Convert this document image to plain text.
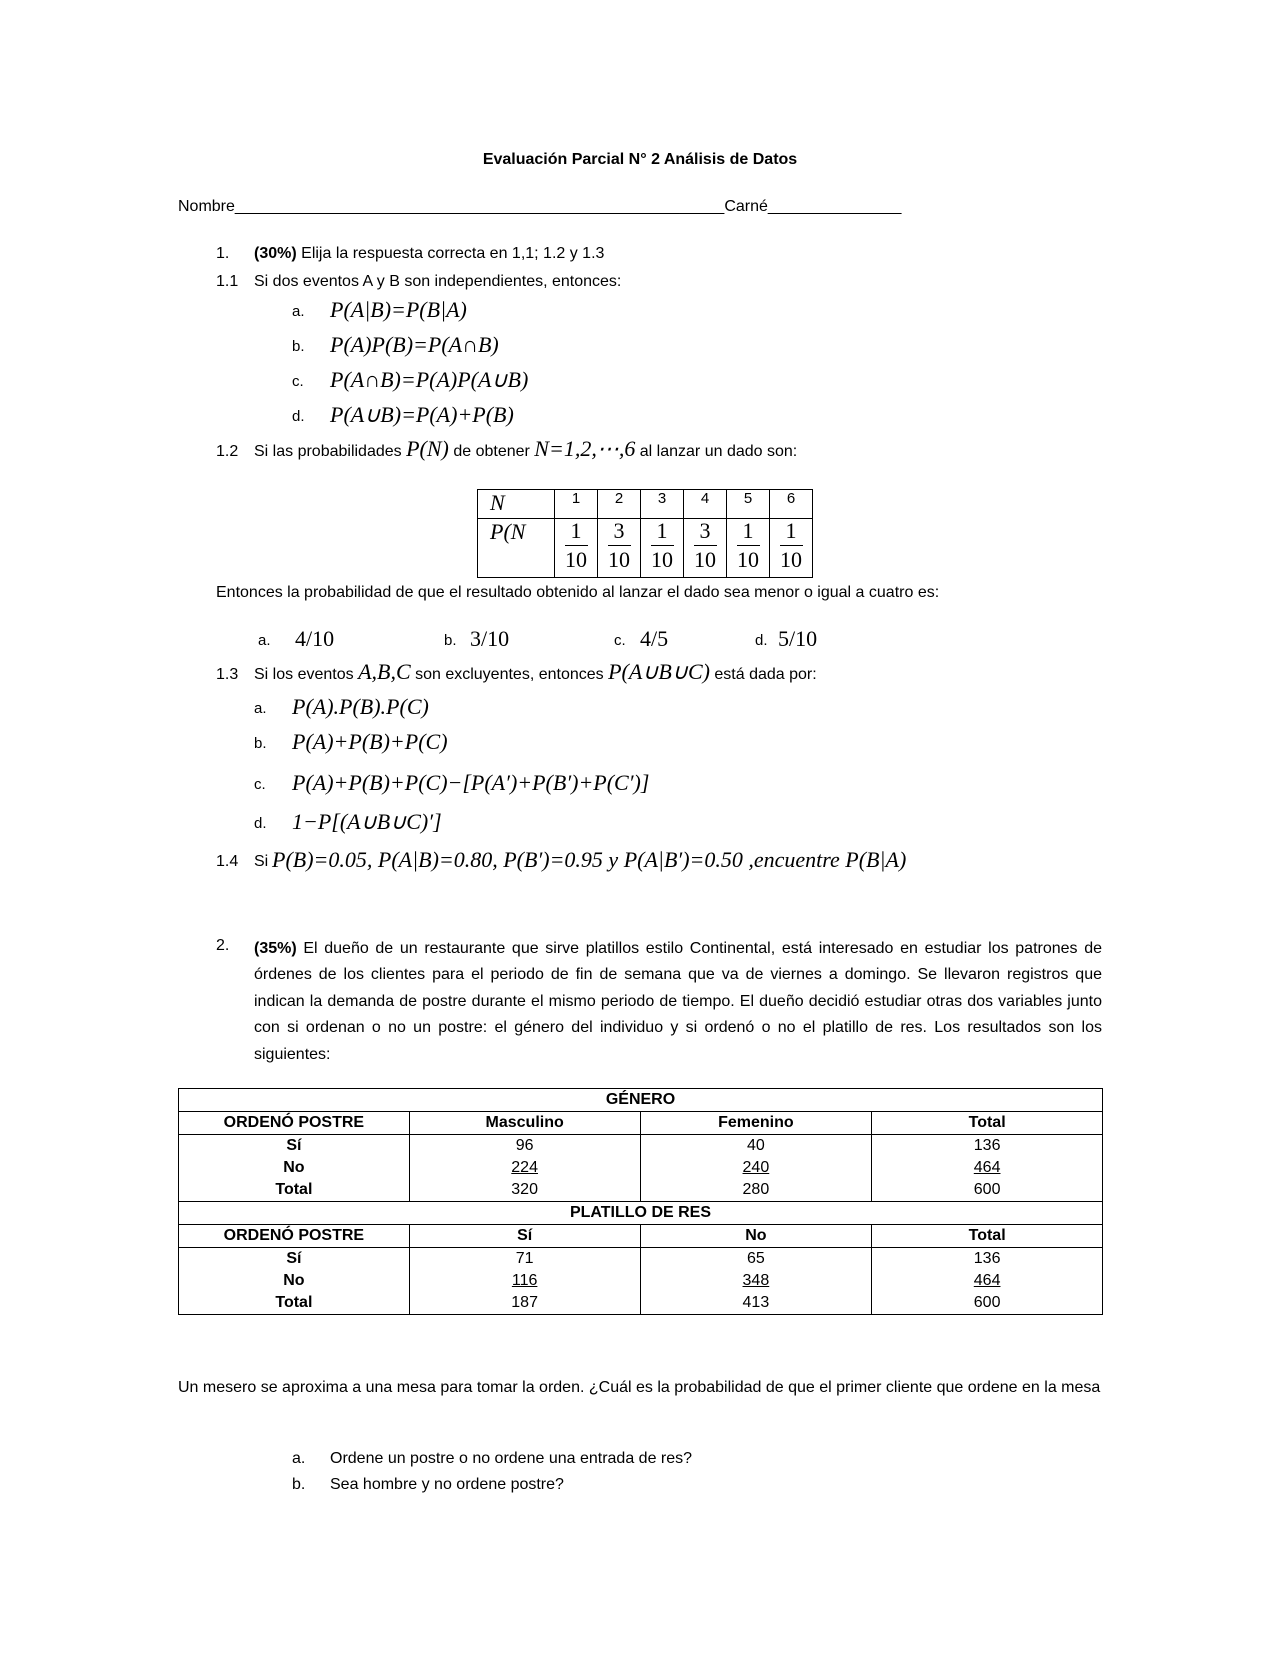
Evaluación Parcial N° 2 Análisis de Datos
Nombre_______________________________________________________Carné_______________
1. (30%) Elija la respuesta correcta en 1,1; 1.2 y 1.3
1.1 Si dos eventos A y B son independientes, entonces:
a. P(A|B)=P(B|A)
b. P(A)P(B)=P(A∩B)
c. P(A∩B)=P(A)P(A∪B)
d. P(A∪B)=P(A)+P(B)
1.2 Si las probabilidades P(N) de obtener N=1,2,⋯,6 al lanzar un dado son:
N	1	2	3	4	5	6
P(N	$\frac{1}{10}$	$\frac{3}{10}$	$\frac{1}{10}$	$\frac{3}{10}$	$\frac{1}{10}$	$\frac{1}{10}$
Entonces la probabilidad de que el resultado obtenido al lanzar el dado sea menor o igual a cuatro es:
a. 4/10	b. 3/10	c. 4/5	d. 5/10
1.3 Si los eventos A,B,C son excluyentes, entonces P(A∪B∪C) está dada por:
a. P(A).P(B).P(C)
b. P(A)+P(B)+P(C)
c. P(A)+P(B)+P(C)−[P(A′)+P(B′)+P(C′)]
d. 1−P[(A∪B∪C)′]
1.4 Si P(B)=0.05, P(A|B)=0.80, P(B′)=0.95 y P(A|B′)=0.50 ,encuentre P(B|A)
2. (35%) El dueño de un restaurante que sirve platillos estilo Continental, está interesado en estudiar los patrones de órdenes de los clientes para el periodo de fin de semana que va de viernes a domingo. Se llevaron registros que indican la demanda de postre durante el mismo periodo de tiempo. El dueño decidió estudiar otras dos variables junto con si ordenan o no un postre: el género del individuo y si ordenó o no el platillo de res. Los resultados son los siguientes:
GÉNERO			
ORDENÓ POSTRE	Masculino	Femenino	Total
Sí	96	40	136
No	224	240	464
Total	320	280	600
PLATILLO DE RES			
ORDENÓ POSTRE	Sí	No	Total
Sí	71	65	136
No	116	348	464
Total	187	413	600
Un mesero se aproxima a una mesa para tomar la orden. ¿Cuál es la probabilidad de que el primer cliente que ordene en la mesa
a. Ordene un postre o no ordene una entrada de res?
b. Sea hombre y no ordene postre?
